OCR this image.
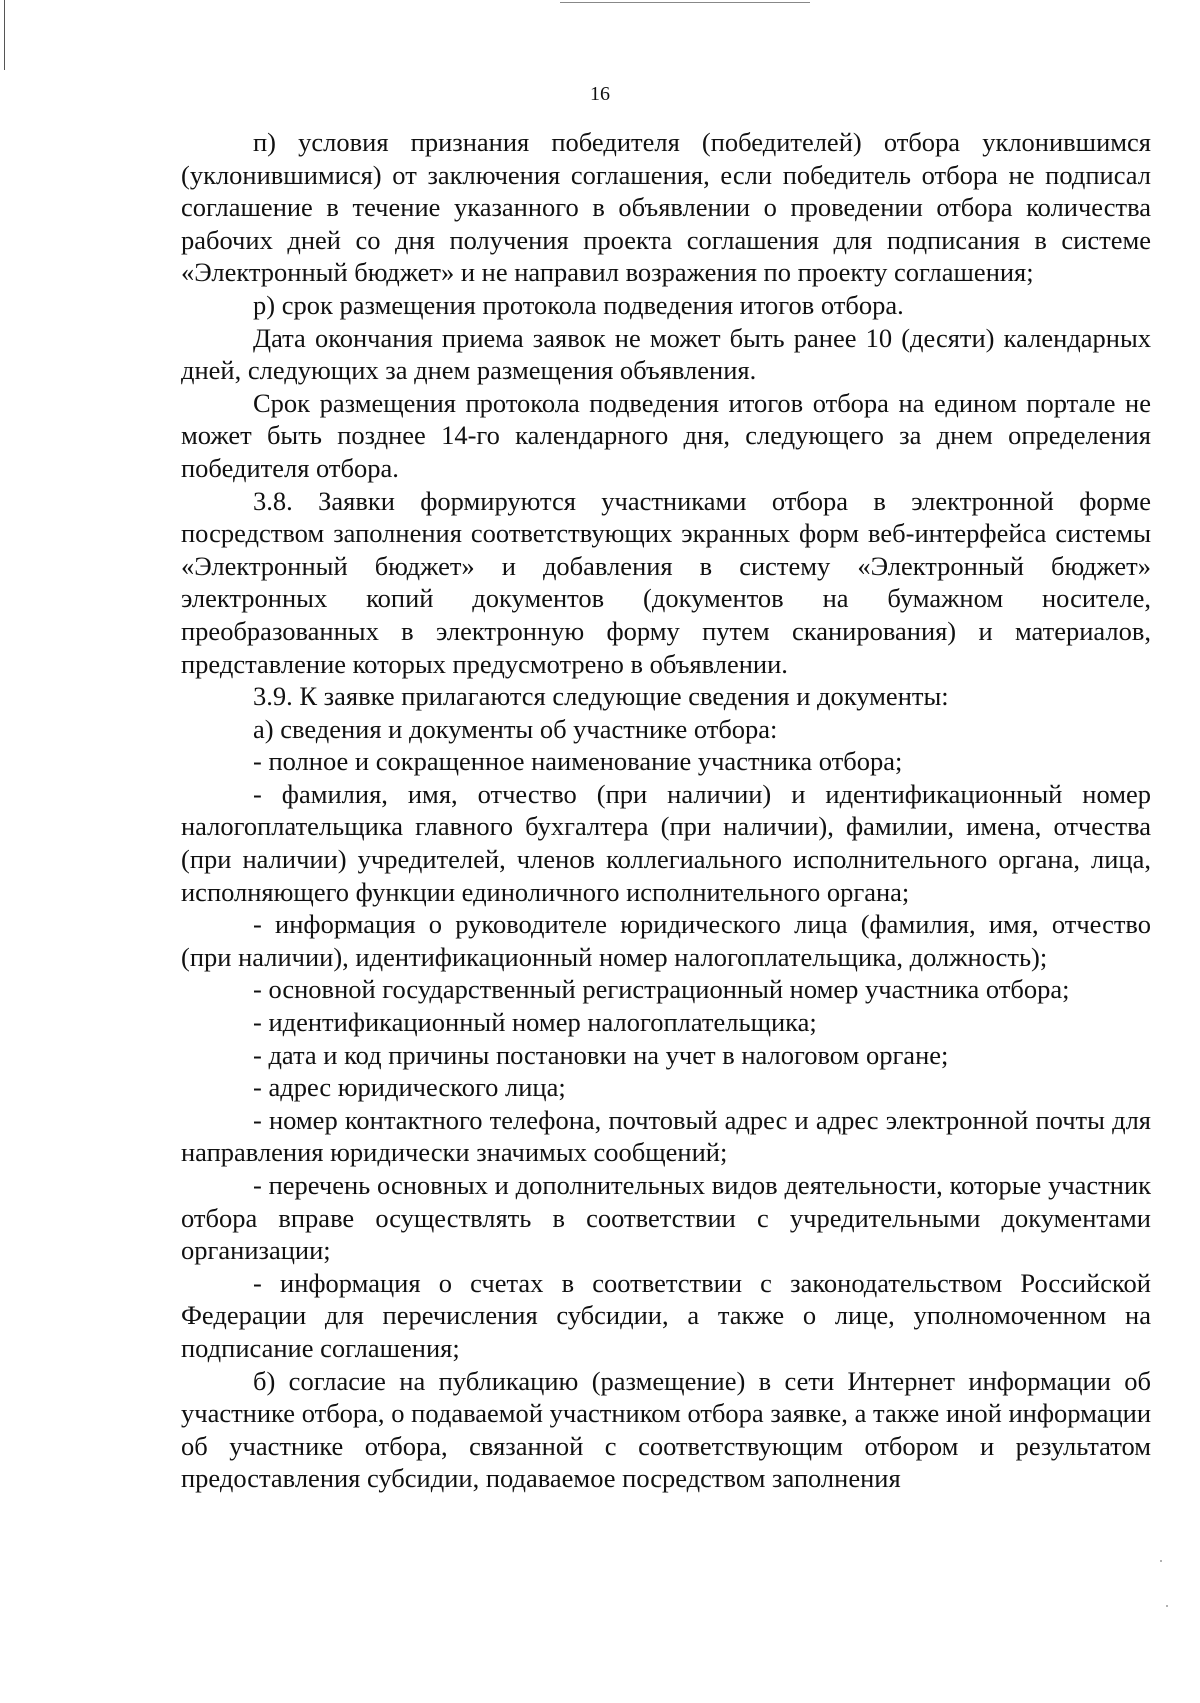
16

п) условия признания победителя (победителей) отбора уклонившимся (уклонившимися) от заключения соглашения, если победитель отбора не подписал соглашение в течение указанного в объявлении о проведении отбора количества рабочих дней со дня получения проекта соглашения для подписания в системе «Электронный бюджет» и не направил возражения по проекту соглашения;

р) срок размещения протокола подведения итогов отбора.

Дата окончания приема заявок не может быть ранее 10 (десяти) календарных дней, следующих за днем размещения объявления.

Срок размещения протокола подведения итогов отбора на едином портале не может быть позднее 14-го календарного дня, следующего за днем определения победителя отбора.

3.8. Заявки формируются участниками отбора в электронной форме посредством заполнения соответствующих экранных форм веб-интерфейса системы «Электронный бюджет» и добавления в систему «Электронный бюджет» электронных копий документов (документов на бумажном носителе, преобразованных в электронную форму путем сканирования) и материалов, представление которых предусмотрено в объявлении.

3.9. К заявке прилагаются следующие сведения и документы:

а) сведения и документы об участнике отбора:

- полное и сокращенное наименование участника отбора;

- фамилия, имя, отчество (при наличии) и идентификационный номер налогоплательщика главного бухгалтера (при наличии), фамилии, имена, отчества (при наличии) учредителей, членов коллегиального исполнительного органа, лица, исполняющего функции единоличного исполнительного органа;

- информация о руководителе юридического лица (фамилия, имя, отчество (при наличии), идентификационный номер налогоплательщика, должность);

- основной государственный регистрационный номер участника отбора;

- идентификационный номер налогоплательщика;

- дата и код причины постановки на учет в налоговом органе;

- адрес юридического лица;

- номер контактного телефона, почтовый адрес и адрес электронной почты для направления юридически значимых сообщений;

- перечень основных и дополнительных видов деятельности, которые участник отбора вправе осуществлять в соответствии с учредительными документами организации;

- информация о счетах в соответствии с законодательством Российской Федерации для перечисления субсидии, а также о лице, уполномоченном на подписание соглашения;

б) согласие на публикацию (размещение) в сети Интернет информации об участнике отбора, о подаваемой участником отбора заявке, а также иной информации об участнике отбора, связанной с соответствующим отбором и результатом предоставления субсидии, подаваемое посредством заполнения
